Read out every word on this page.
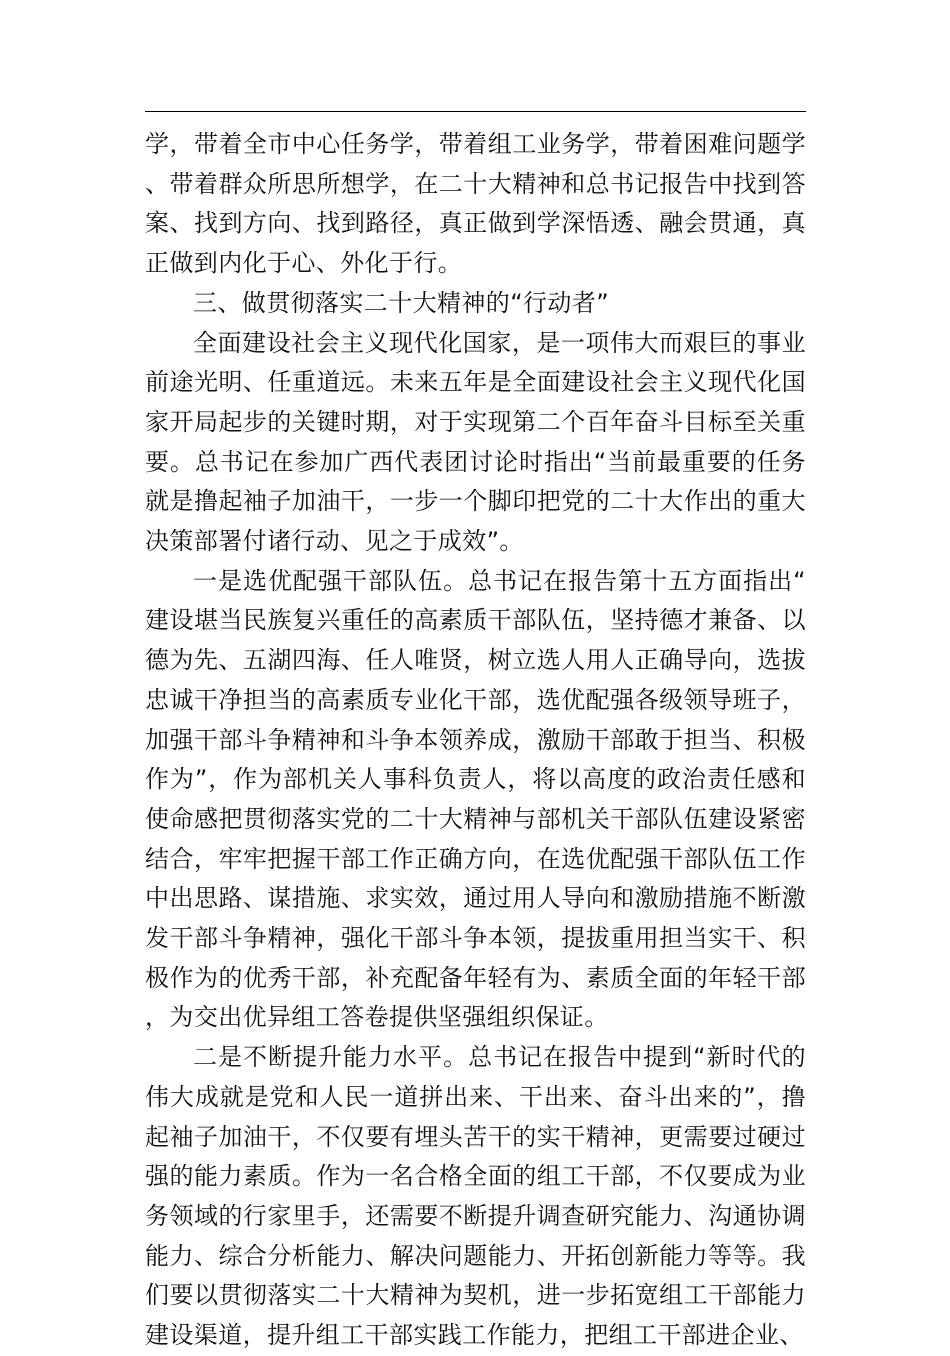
学，带着全市中心任务学，带着组工业务学，带着困难问题学、带着群众所思所想学，在二十大精神和总书记报告中找到答案、找到方向、找到路径，真正做到学深悟透、融会贯通，真正做到内化于心、外化于行。

三、做贯彻落实二十大精神的“行动者”

全面建设社会主义现代化国家，是一项伟大而艰巨的事业前途光明、任重道远。未来五年是全面建设社会主义现代化国家开局起步的关键时期，对于实现第二个百年奋斗目标至关重要。总书记在参加广西代表团讨论时指出“当前最重要的任务就是撸起袖子加油干，一步一个脚印把党的二十大作出的重大决策部署付诸行动、见之于成效”。

一是选优配强干部队伍。总书记在报告第十五方面指出“建设堪当民族复兴重任的高素质干部队伍，坚持德才兼备、以德为先、五湖四海、任人唯贤，树立选人用人正确导向，选拔忠诚干净担当的高素质专业化干部，选优配强各级领导班子，加强干部斗争精神和斗争本领养成，激励干部敢于担当、积极作为”，作为部机关人事科负责人，将以高度的政治责任感和使命感把贯彻落实党的二十大精神与部机关干部队伍建设紧密结合，牢牢把握干部工作正确方向，在选优配强干部队伍工作中出思路、谋措施、求实效，通过用人导向和激励措施不断激发干部斗争精神，强化干部斗争本领，提拔重用担当实干、积极作为的优秀干部，补充配备年轻有为、素质全面的年轻干部，为交出优异组工答卷提供坚强组织保证。

二是不断提升能力水平。总书记在报告中提到“新时代的伟大成就是党和人民一道拼出来、干出来、奋斗出来的”，撸起袖子加油干，不仅要有埋头苦干的实干精神，更需要过硬过强的能力素质。作为一名合格全面的组工干部，不仅要成为业务领域的行家里手，还需要不断提升调查研究能力、沟通协调能力、综合分析能力、解决问题能力、开拓创新能力等等。我们要以贯彻落实二十大精神为契机，进一步拓宽组工干部能力建设渠道，提升组工干部实践工作能力，把组工干部进企业、
